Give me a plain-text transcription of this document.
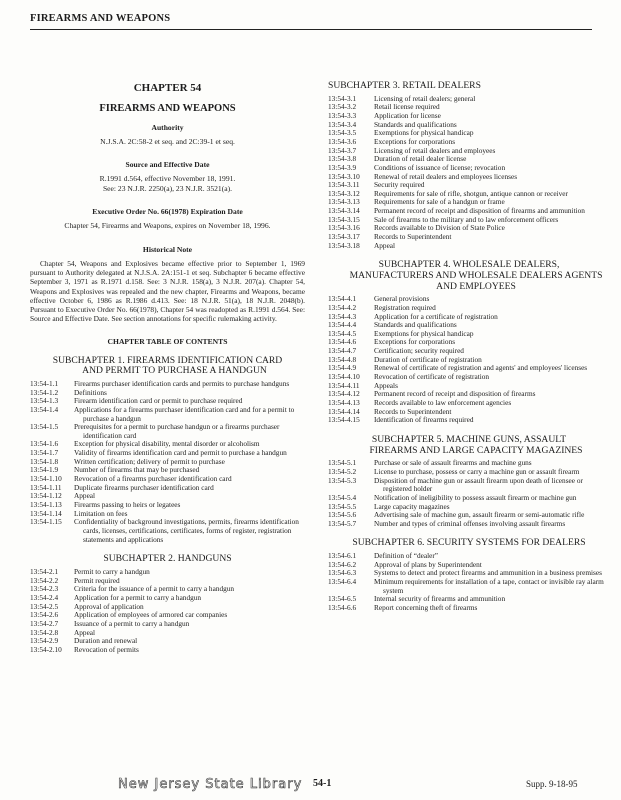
FIREARMS AND WEAPONS
CHAPTER 54
FIREARMS AND WEAPONS
Authority
N.J.S.A. 2C:58-2 et seq. and 2C:39-1 et seq.
Source and Effective Date
R.1991 d.564, effective November 18, 1991.
See: 23 N.J.R. 2250(a), 23 N.J.R. 3521(a).
Executive Order No. 66(1978) Expiration Date
Chapter 54, Firearms and Weapons, expires on November 18, 1996.
Historical Note
Chapter 54, Weapons and Explosives became effective prior to September 1, 1969 pursuant to Authority delegated at N.J.S.A. 2A:151-1 et seq. Subchapter 6 became effective September 3, 1971 as R.1971 d.158. See: 3 N.J.R. 158(a), 3 N.J.R. 207(a). Chapter 54, Weapons and Explosives was repealed and the new chapter, Firearms and Weapons, became effective October 6, 1986 as R.1986 d.413. See: 18 N.J.R. 51(a), 18 N.J.R. 2048(b). Pursuant to Executive Order No. 66(1978), Chapter 54 was readopted as R.1991 d.564. See: Source and Effective Date. See section annotations for specific rulemaking activity.
CHAPTER TABLE OF CONTENTS
SUBCHAPTER 1. FIREARMS IDENTIFICATION CARD
AND PERMIT TO PURCHASE A HANDGUN
13:54-1.1	Firearms purchaser identification cards and permits to purchase handguns
13:54-1.2	Definitions
13:54-1.3	Firearm identification card or permit to purchase required
13:54-1.4	Applications for a firearms purchaser identification card and for a permit to purchase a handgun
13:54-1.5	Prerequisites for a permit to purchase handgun or a firearms purchaser identification card
13:54-1.6	Exception for physical disability, mental disorder or alcoholism
13:54-1.7	Validity of firearms identification card and permit to purchase a handgun
13:54-1.8	Written certification; delivery of permit to purchase
13:54-1.9	Number of firearms that may be purchased
13:54-1.10	Revocation of a firearms purchaser identification card
13:54-1.11	Duplicate firearms purchaser identification card
13:54-1.12	Appeal
13:54-1.13	Firearms passing to heirs or legatees
13:54-1.14	Limitation on fees
13:54-1.15	Confidentiality of background investigations, permits, firearms identification cards, licenses, certifications, certificates, forms of register, registration statements and applications
SUBCHAPTER 2. HANDGUNS
13:54-2.1	Permit to carry a handgun
13:54-2.2	Permit required
13:54-2.3	Criteria for the issuance of a permit to carry a handgun
13:54-2.4	Application for a permit to carry a handgun
13:54-2.5	Approval of application
13:54-2.6	Application of employees of armored car companies
13:54-2.7	Issuance of a permit to carry a handgun
13:54-2.8	Appeal
13:54-2.9	Duration and renewal
13:54-2.10	Revocation of permits
SUBCHAPTER 3. RETAIL DEALERS
13:54-3.1	Licensing of retail dealers; general
13:54-3.2	Retail license required
13:54-3.3	Application for license
13:54-3.4	Standards and qualifications
13:54-3.5	Exemptions for physical handicap
13:54-3.6	Exceptions for corporations
13:54-3.7	Licensing of retail dealers and employees
13:54-3.8	Duration of retail dealer license
13:54-3.9	Conditions of issuance of license; revocation
13:54-3.10	Renewal of retail dealers and employees licenses
13:54-3.11	Security required
13:54-3.12	Requirements for sale of rifle, shotgun, antique cannon or receiver
13:54-3.13	Requirements for sale of a handgun or frame
13:54-3.14	Permanent record of receipt and disposition of firearms and ammunition
13:54-3.15	Sale of firearms to the military and to law enforcement officers
13:54-3.16	Records available to Division of State Police
13:54-3.17	Records to Superintendent
13:54-3.18	Appeal
SUBCHAPTER 4. WHOLESALE DEALERS,
MANUFACTURERS AND WHOLESALE DEALERS AGENTS AND EMPLOYEES
13:54-4.1	General provisions
13:54-4.2	Registration required
13:54-4.3	Application for a certificate of registration
13:54-4.4	Standards and qualifications
13:54-4.5	Exemptions for physical handicap
13:54-4.6	Exceptions for corporations
13:54-4.7	Certification; security required
13:54-4.8	Duration of certificate of registration
13:54-4.9	Renewal of certificate of registration and agents' and employees' licenses
13:54-4.10	Revocation of certificate of registration
13:54-4.11	Appeals
13:54-4.12	Permanent record of receipt and disposition of firearms
13:54-4.13	Records available to law enforcement agencies
13:54-4.14	Records to Superintendent
13:54-4.15	Identification of firearms required
SUBCHAPTER 5. MACHINE GUNS, ASSAULT
FIREARMS AND LARGE CAPACITY MAGAZINES
13:54-5.1	Purchase or sale of assault firearms and machine guns
13:54-5.2	License to purchase, possess or carry a machine gun or assault firearm
13:54-5.3	Disposition of machine gun or assault firearm upon death of licensee or registered holder
13:54-5.4	Notification of ineligibility to possess assault firearm or machine gun
13:54-5.5	Large capacity magazines
13:54-5.6	Advertising sale of machine gun, assault firearm or semi-automatic rifle
13:54-5.7	Number and types of criminal offenses involving assault firearms
SUBCHAPTER 6. SECURITY SYSTEMS FOR DEALERS
13:54-6.1	Definition of “dealer”
13:54-6.2	Approval of plans by Superintendent
13:54-6.3	Systems to detect and protect firearms and ammunition in a business premises
13:54-6.4	Minimum requirements for installation of a tape, contact or invisible ray alarm system
13:54-6.5	Internal security of firearms and ammunition
13:54-6.6	Report concerning theft of firearms
New Jersey State Library 54-1	Supp. 9-18-95
